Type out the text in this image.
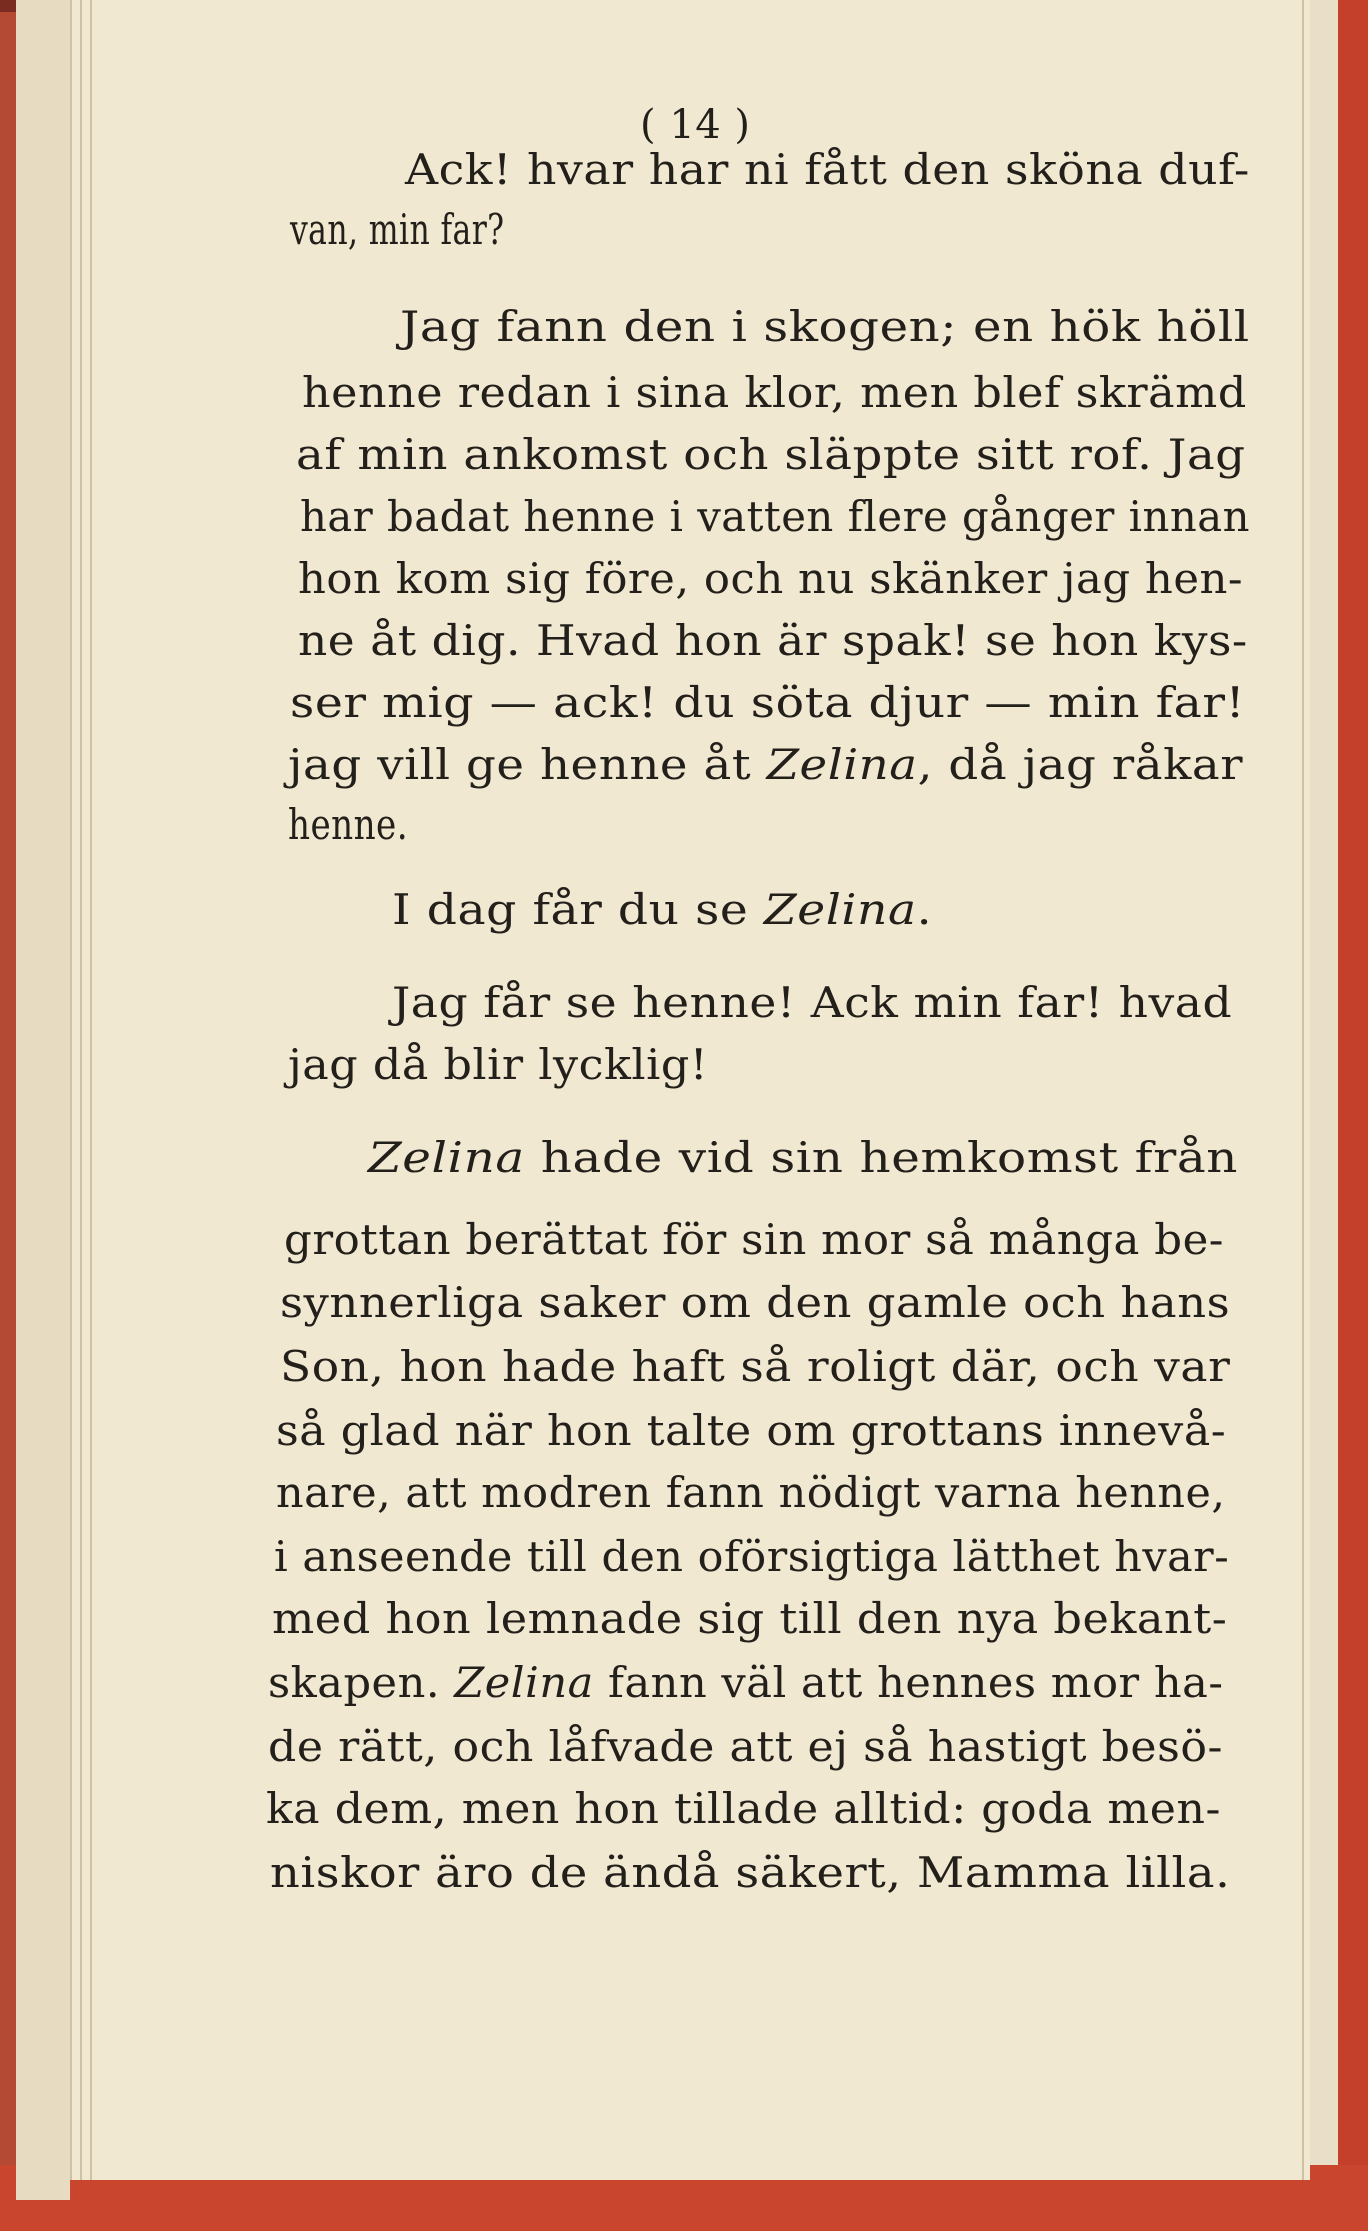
( 14 )
Ack! hvar har ni fått den sköna duf-
van, min far?
Jag fann den i skogen; en hök höll
henne redan i sina klor, men blef skrämd
af min ankomst och släppte sitt rof. Jag
har badat henne i vatten flere gånger innan
hon kom sig före, och nu skänker jag hen-
ne åt dig. Hvad hon är spak! se hon kys-
ser mig — ack! du söta djur — min far!
jag vill ge henne åt Zelina, då jag råkar
henne.
I dag får du se Zelina.
Jag får se henne! Ack min far! hvad
jag då blir lycklig!
Zelina hade vid sin hemkomst från
grottan berättat för sin mor så många be-
synnerliga saker om den gamle och hans
Son, hon hade haft så roligt där, och var
så glad när hon talte om grottans innevå-
nare, att modren fann nödigt varna henne,
i anseende till den oförsigtiga lätthet hvar-
med hon lemnade sig till den nya bekant-
skapen. Zelina fann väl att hennes mor ha-
de rätt, och låfvade att ej så hastigt besö-
ka dem, men hon tillade alltid: goda men-
niskor äro de ändå säkert, Mamma lilla.
